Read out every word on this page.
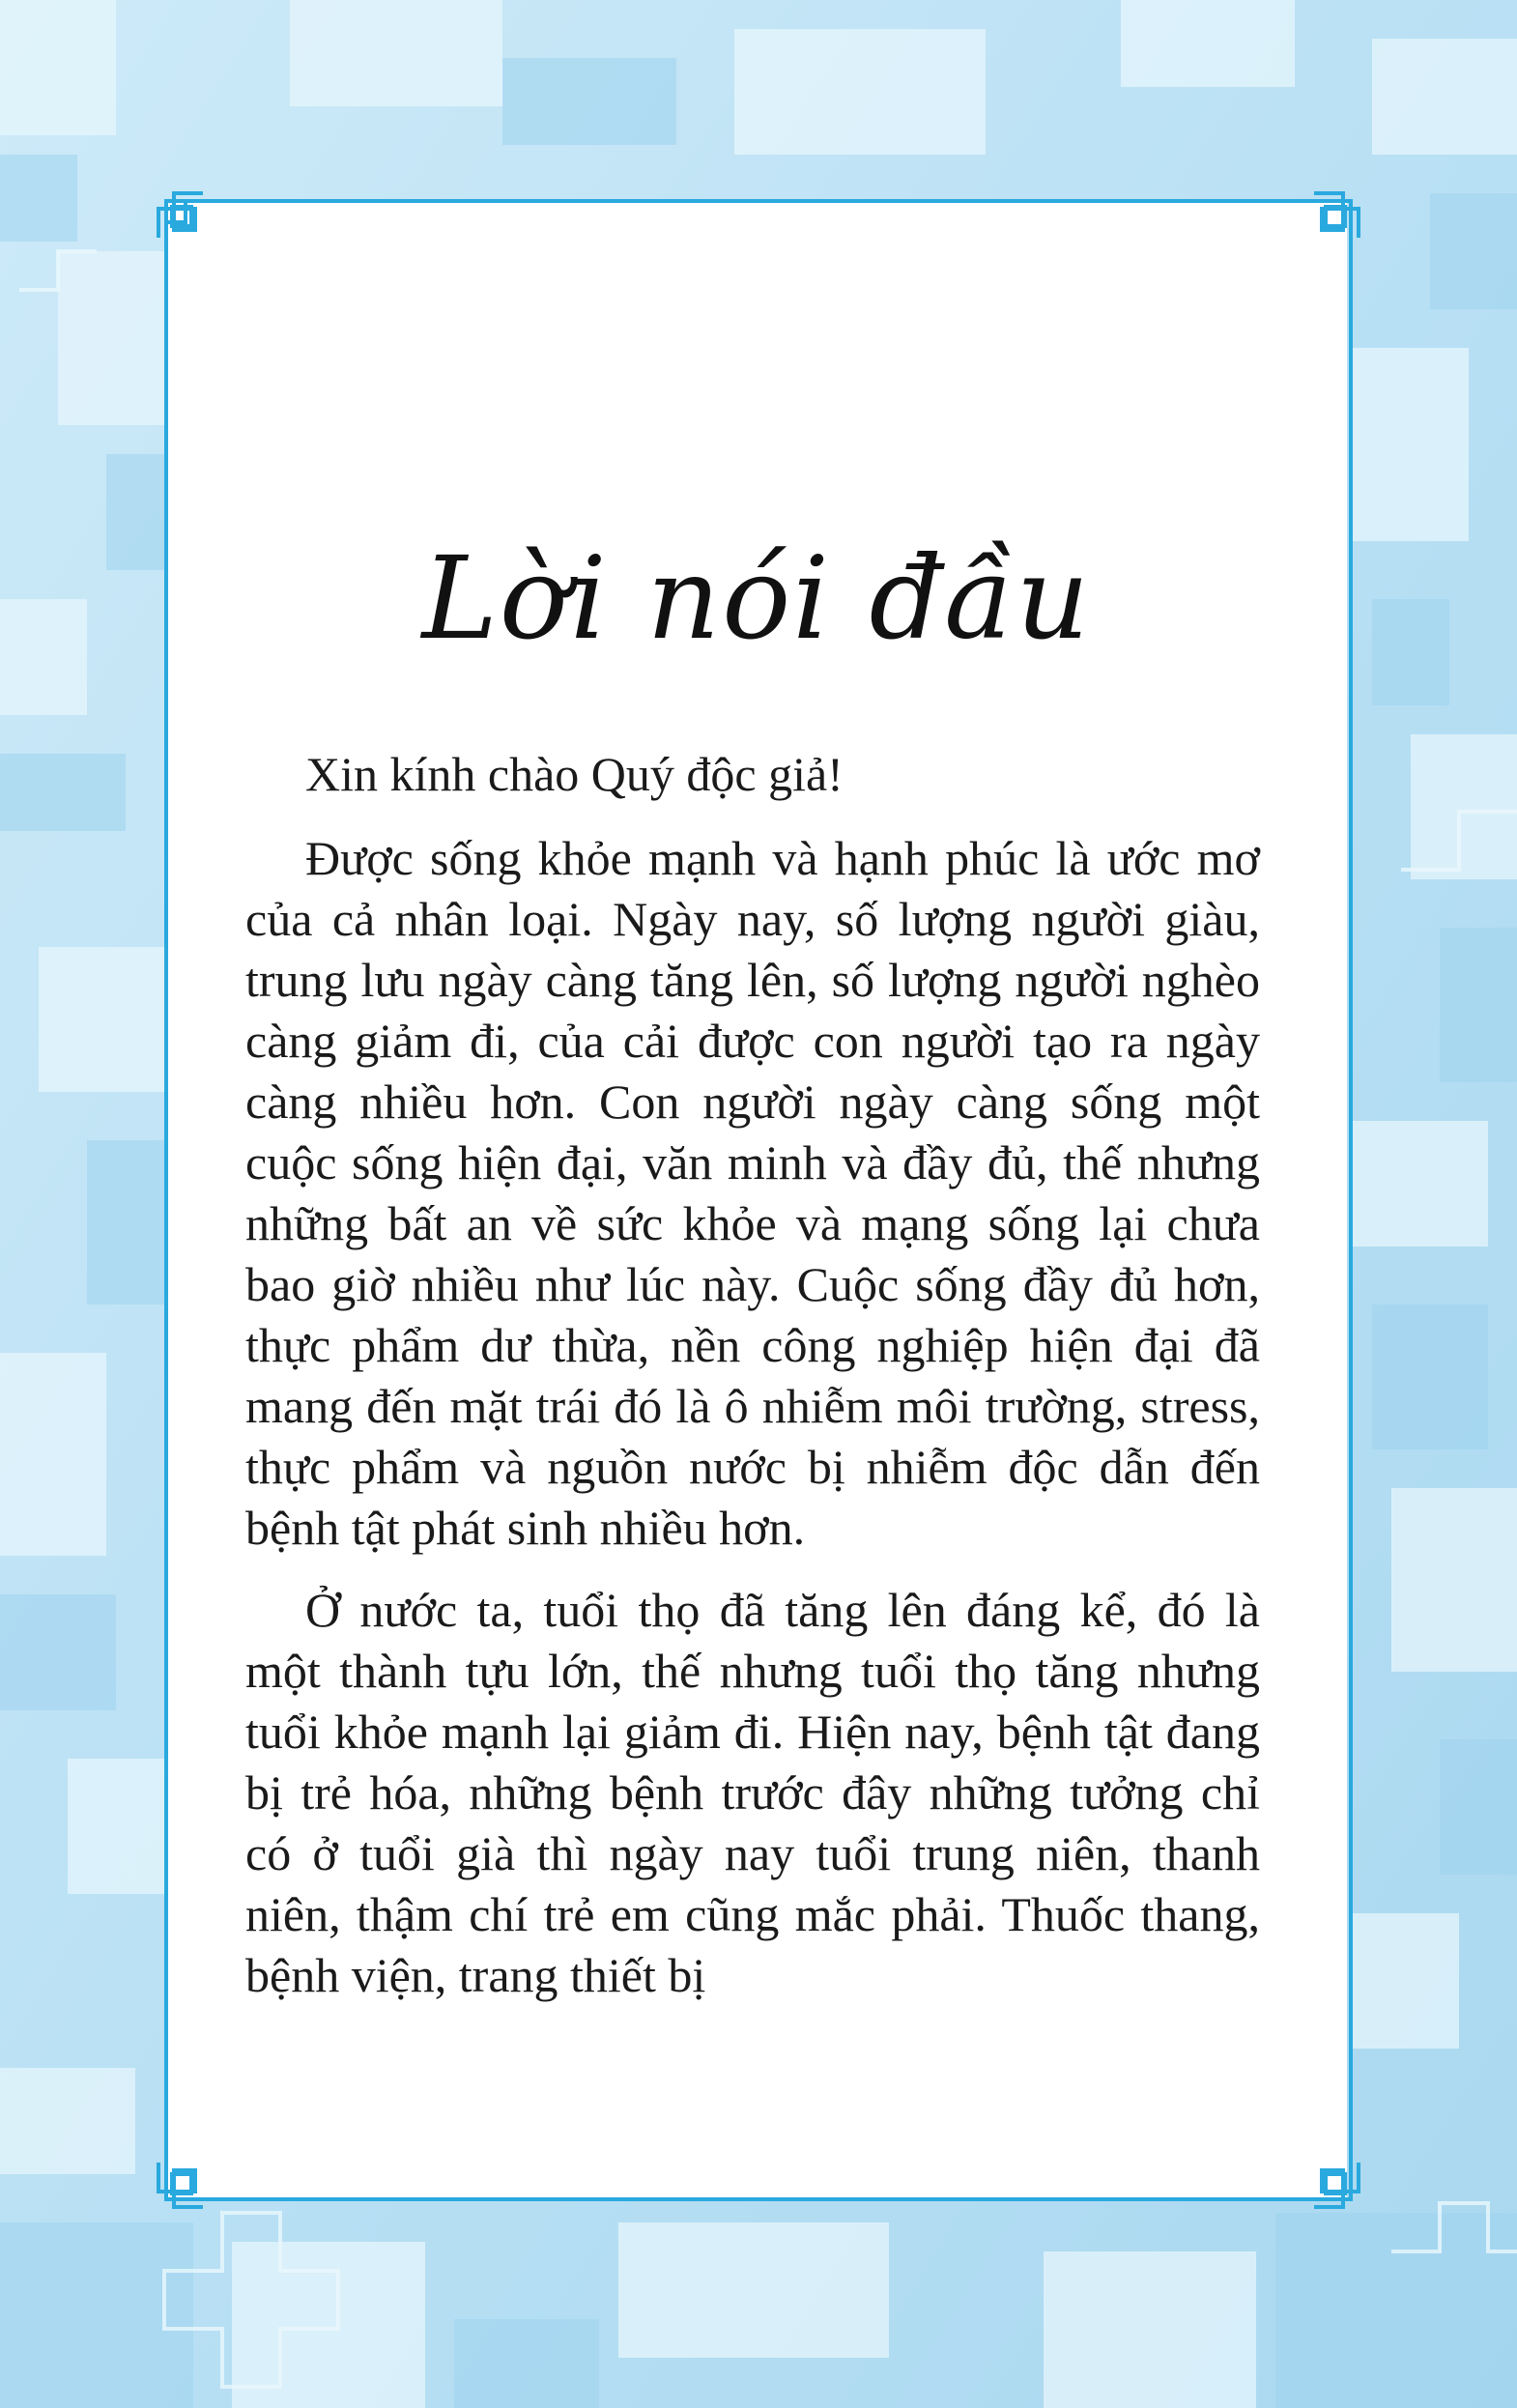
Lời nói đầu

Xin kính chào Quý độc giả!

Được sống khỏe mạnh và hạnh phúc là ước mơ của cả nhân loại. Ngày nay, số lượng người giàu, trung lưu ngày càng tăng lên, số lượng người nghèo càng giảm đi, của cải được con người tạo ra ngày càng nhiều hơn. Con người ngày càng sống một cuộc sống hiện đại, văn minh và đầy đủ, thế nhưng những bất an về sức khỏe và mạng sống lại chưa bao giờ nhiều như lúc này. Cuộc sống đầy đủ hơn, thực phẩm dư thừa, nền công nghiệp hiện đại đã mang đến mặt trái đó là ô nhiễm môi trường, stress, thực phẩm và nguồn nước bị nhiễm độc dẫn đến bệnh tật phát sinh nhiều hơn.

Ở nước ta, tuổi thọ đã tăng lên đáng kể, đó là một thành tựu lớn, thế nhưng tuổi thọ tăng nhưng tuổi khỏe mạnh lại giảm đi. Hiện nay, bệnh tật đang bị trẻ hóa, những bệnh trước đây những tưởng chỉ có ở tuổi già thì ngày nay tuổi trung niên, thanh niên, thậm chí trẻ em cũng mắc phải. Thuốc thang, bệnh viện, trang thiết bị
